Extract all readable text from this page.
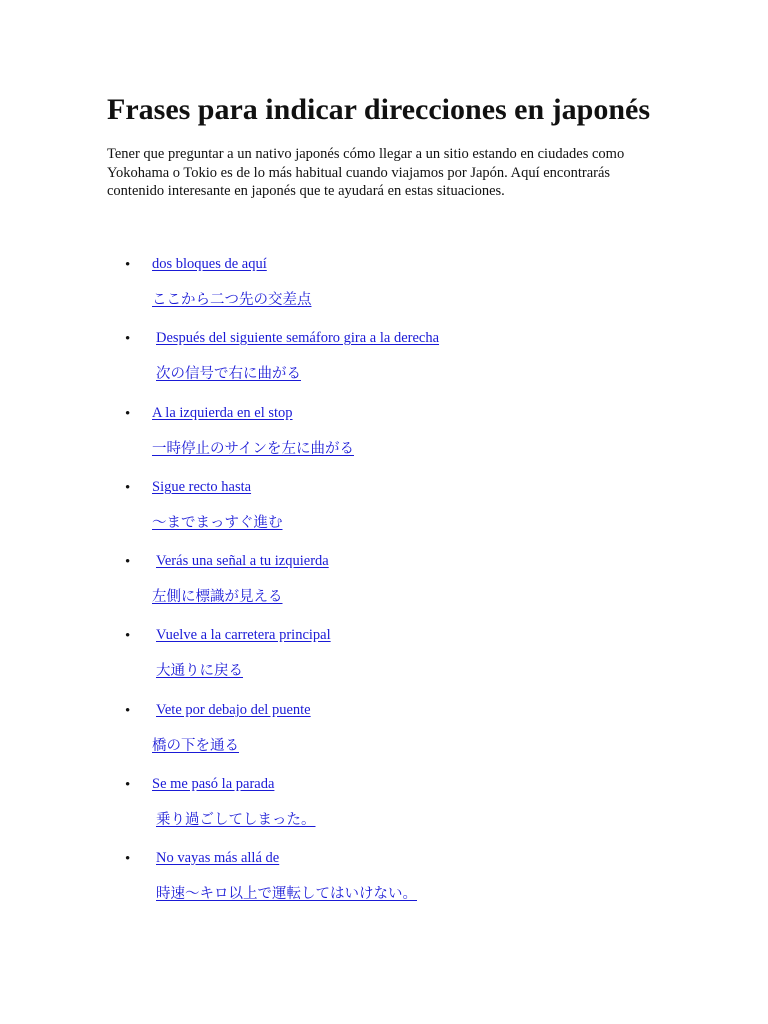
Frases para indicar direcciones en japonés

Tener que preguntar a un nativo japonés cómo llegar a un sitio estando en ciudades como Yokohama o Tokio es de lo más habitual cuando viajamos por Japón. Aquí encontrarás contenido interesante en japonés que te ayudará en estas situaciones.

• dos bloques de aquí
ここから二つ先の交差点
• Después del siguiente semáforo gira a la derecha
次の信号で右に曲がる
• A la izquierda en el stop
一時停止のサインを左に曲がる
• Sigue recto hasta
～までまっすぐ進む
• Verás una señal a tu izquierda
左側に標識が見える
• Vuelve a la carretera principal
大通りに戻る
• Vete por debajo del puente
橋の下を通る
• Se me pasó la parada
乗り過ごしてしまった。
• No vayas más allá de
時速～キロ以上で運転してはいけない。
